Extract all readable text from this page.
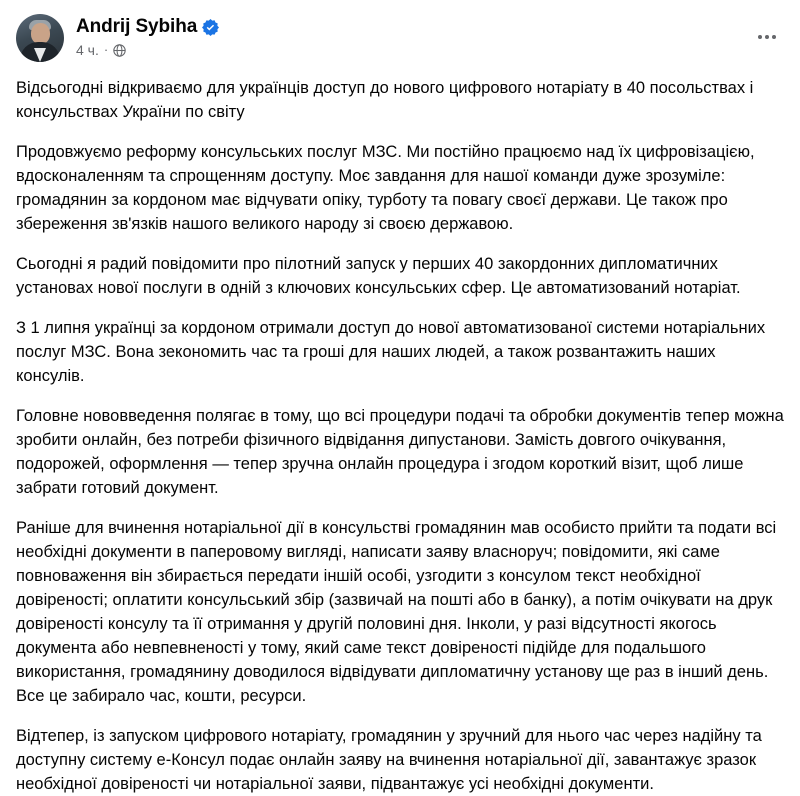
Andrij Sybiha
4 ч. ·

Відсьогодні відкриваємо для українців доступ до нового цифрового нотаріату в 40 посольствах і консульствах України по світу

Продовжуємо реформу консульських послуг МЗС. Ми постійно працюємо над їх цифровізацією, вдосконаленням та спрощенням доступу. Моє завдання для нашої команди дуже зрозуміле: громадянин за кордоном має відчувати опіку, турботу та повагу своєї держави. Це також про збереження зв'язків нашого великого народу зі своєю державою.

Сьогодні я радий повідомити про пілотний запуск у перших 40 закордонних дипломатичних установах нової послуги в одній з ключових консульських сфер. Це автоматизований нотаріат.

З 1 липня українці за кордоном отримали доступ до нової автоматизованої системи нотаріальних послуг МЗС. Вона зекономить час та гроші для наших людей, а також розвантажить наших консулів.

Головне нововведення полягає в тому, що всі процедури подачі та обробки документів тепер можна зробити онлайн, без потреби фізичного відвідання дипустанови. Замість довгого очікування, подорожей, оформлення — тепер зручна онлайн процедура і згодом короткий візит, щоб лише забрати готовий документ.

Раніше для вчинення нотаріальної дії в консульстві громадянин мав особисто прийти та подати всі необхідні документи в паперовому вигляді, написати заяву власноруч; повідомити, які саме повноваження він збирається передати іншій особі, узгодити з консулом текст необхідної довіреності; оплатити консульський збір (зазвичай на пошті або в банку), а потім очікувати на друк довіреності консулу та її отримання у другій половині дня. Інколи, у разі відсутності якогось документа або невпевненості у тому, який саме текст довіреності підійде для подальшого використання, громадянину доводилося відвідувати дипломатичну установу ще раз в інший день. Все це забирало час, кошти, ресурси.

Відтепер, із запуском цифрового нотаріату, громадянин у зручний для нього час через надійну та доступну систему е-Консул подає онлайн заяву на вчинення нотаріальної дії, завантажує зразок необхідної довіреності чи нотаріальної заяви, підвантажує усі необхідні документи.
